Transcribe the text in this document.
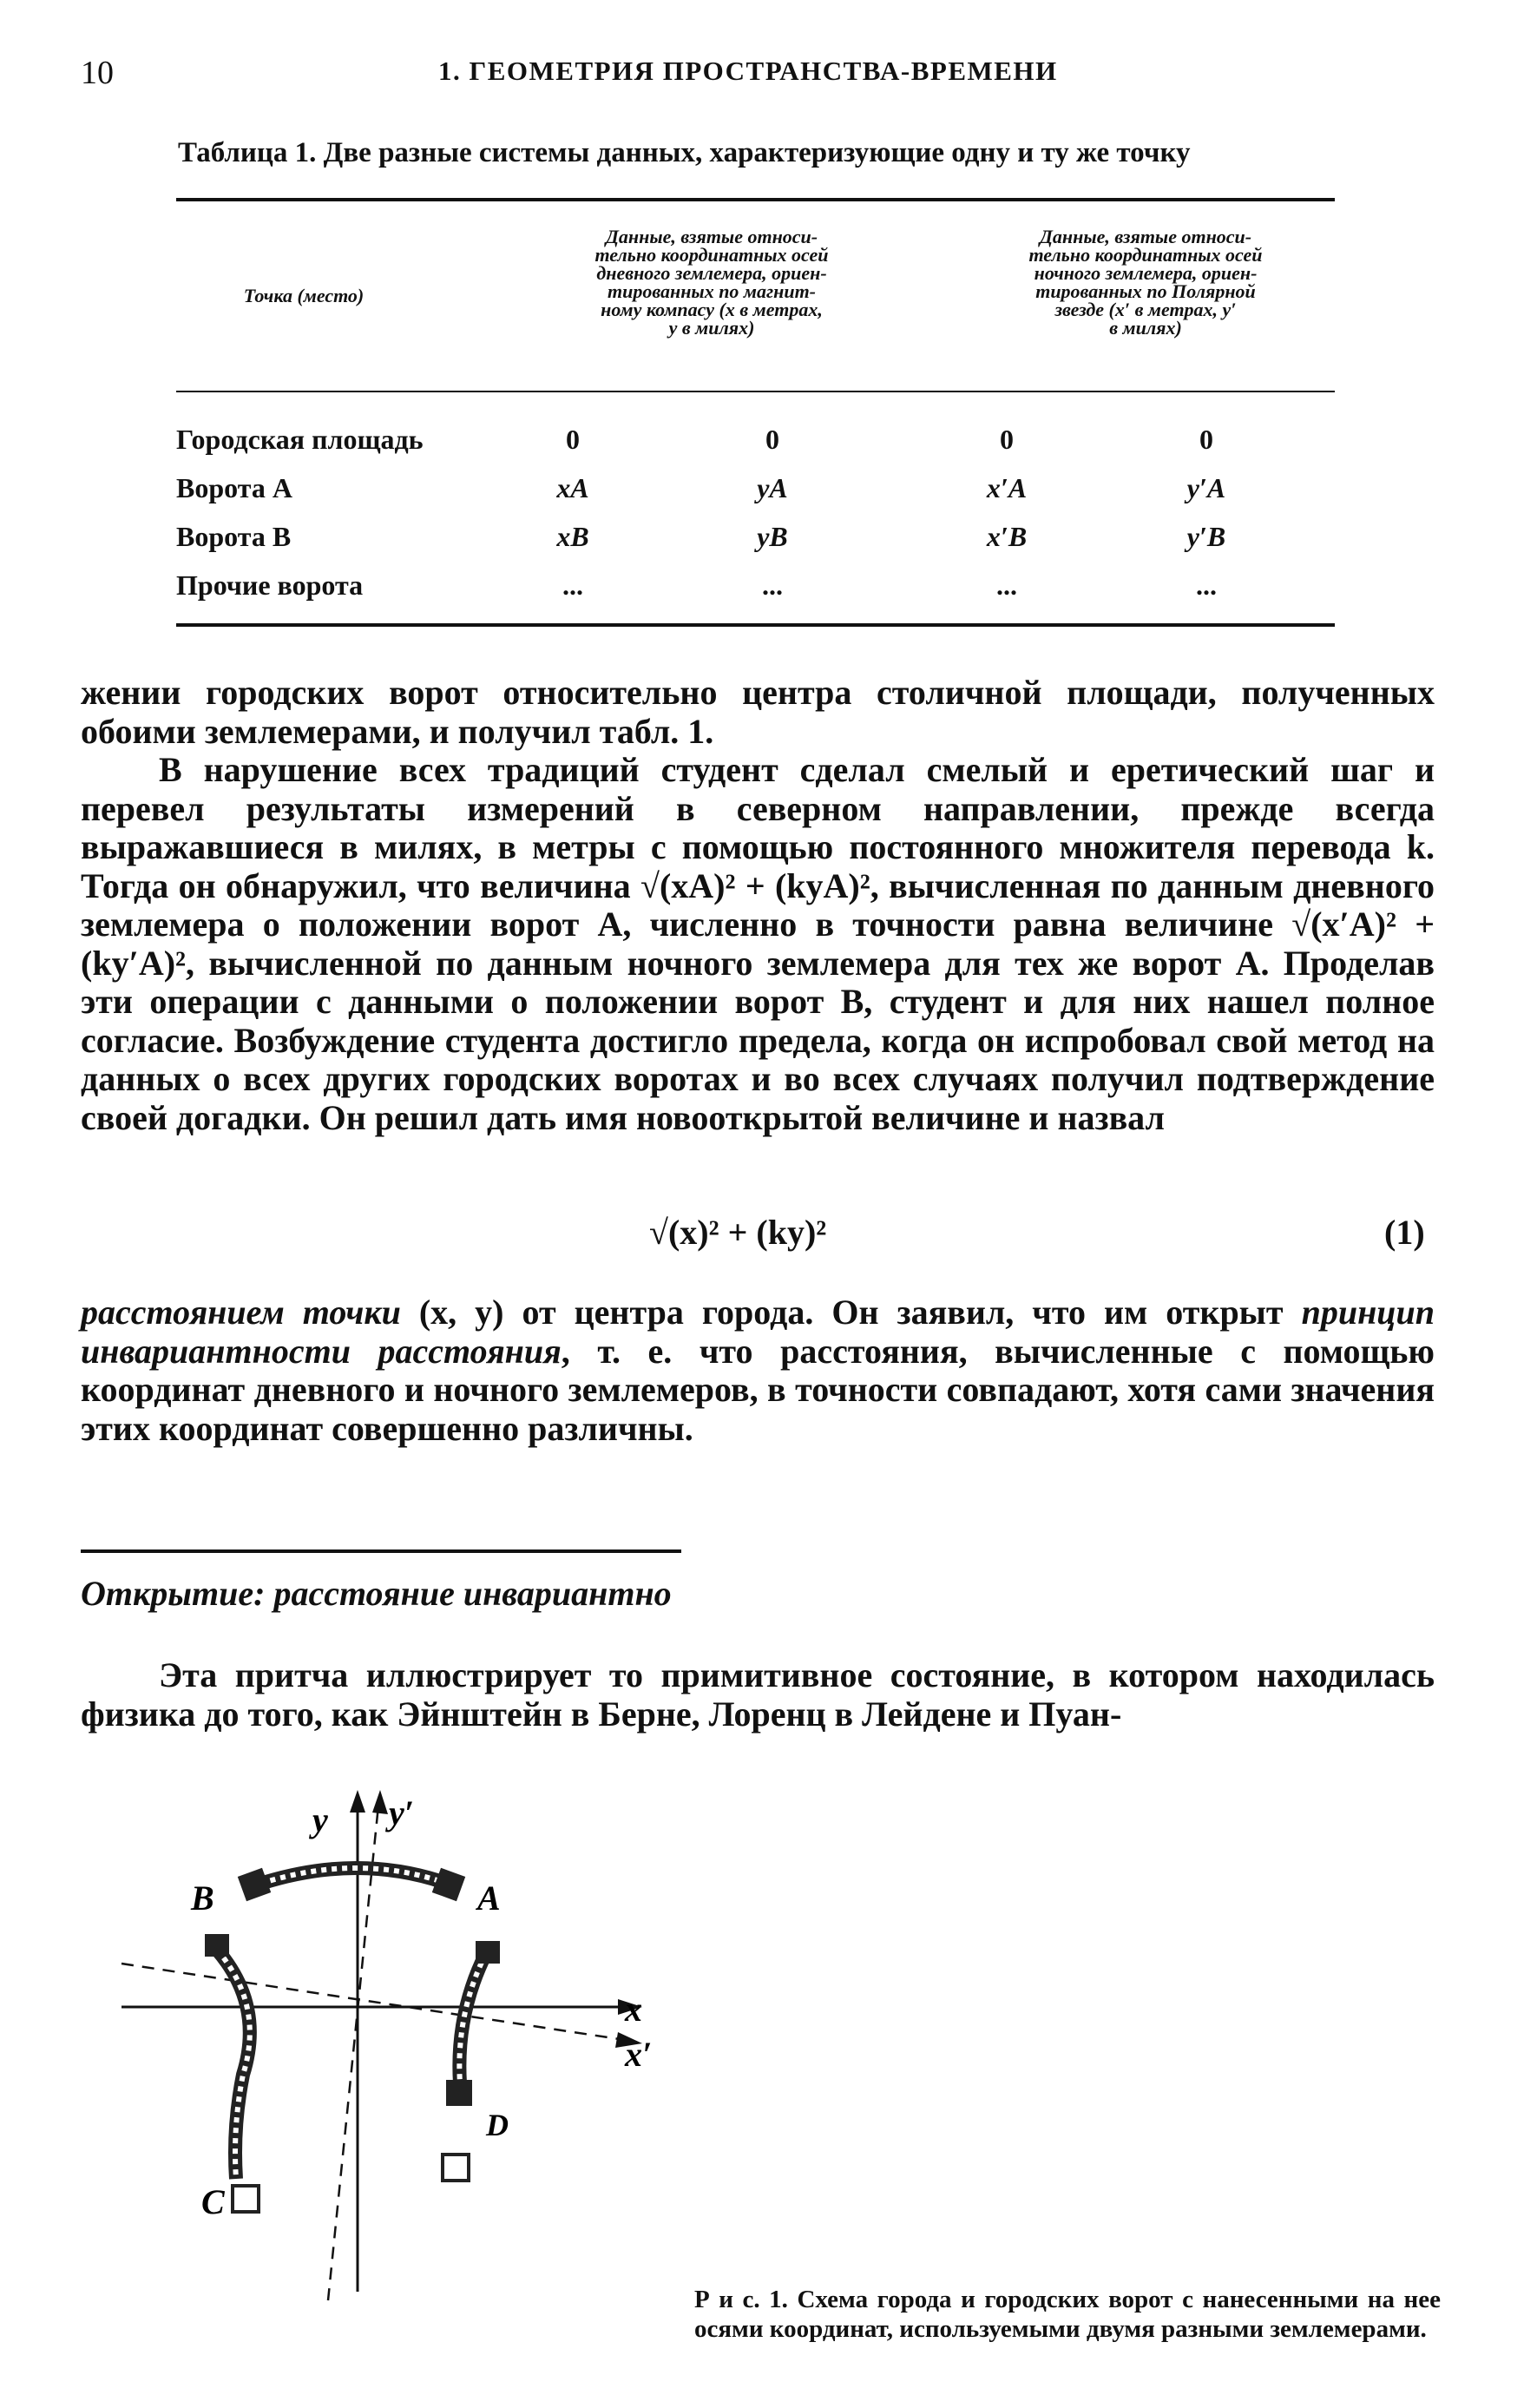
10	1. ГЕОМЕТРИЯ ПРОСТРАНСТВА-ВРЕМЕНИ
Таблица 1. Две разные системы данных, характеризующие одну и ту же точку
Точка (место)
Данные, взятые относи-
тельно координатных осей
дневного землемера, ориен-
тированных по магнит-
ному компасу (x в метрах,
y в милях)
Данные, взятые относи-
тельно координатных осей
ночного землемера, ориен-
тированных по Полярной
звезде (x′ в метрах, y′
в милях)
Городская площадь	0	0	0	0
Ворота A	xA	yA	x′A	y′A
Ворота B	xB	yB	x′B	y′B
Прочие ворота	...	...	...	...

жении городских ворот относительно центра столичной площади, полученных обоими землемерами, и получил табл. 1.

В нарушение всех традиций студент сделал смелый и еретический шаг и перевел результаты измерений в северном направлении, прежде всегда выражавшиеся в милях, в метры с помощью постоянного множителя перевода k. Тогда он обнаружил, что величина √(xA)² + (kyA)², вычисленная по данным дневного землемера о положении ворот A, численно в точности равна величине √(x′A)² + (ky′A)², вычисленной по данным ночного землемера для тех же ворот A. Проделав эти операции с данными о положении ворот B, студент и для них нашел полное согласие. Возбуждение студента достигло предела, когда он испробовал свой метод на данных о всех других городских воротах и во всех случаях получил подтверждение своей догадки. Он решил дать имя новооткрытой величине и назвал

√(x)² + (ky)²	(1)

расстоянием точки (x, y) от центра города. Он заявил, что им открыт принцип инвариантности расстояния, т. е. что расстояния, вычисленные с помощью координат дневного и ночного землемеров, в точности совпадают, хотя сами значения этих координат совершенно различны.

Открытие: расстояние инвариантно

Эта притча иллюстрирует то примитивное состояние, в котором находилась физика до того, как Эйнштейн в Берне, Лоренц в Лейдене и Пуан-

y y′
B	A
x
x′
D
C
Р и с. 1. Схема города и городских ворот с нанесенными на нее осями координат, используемыми двумя разными землемерами.
